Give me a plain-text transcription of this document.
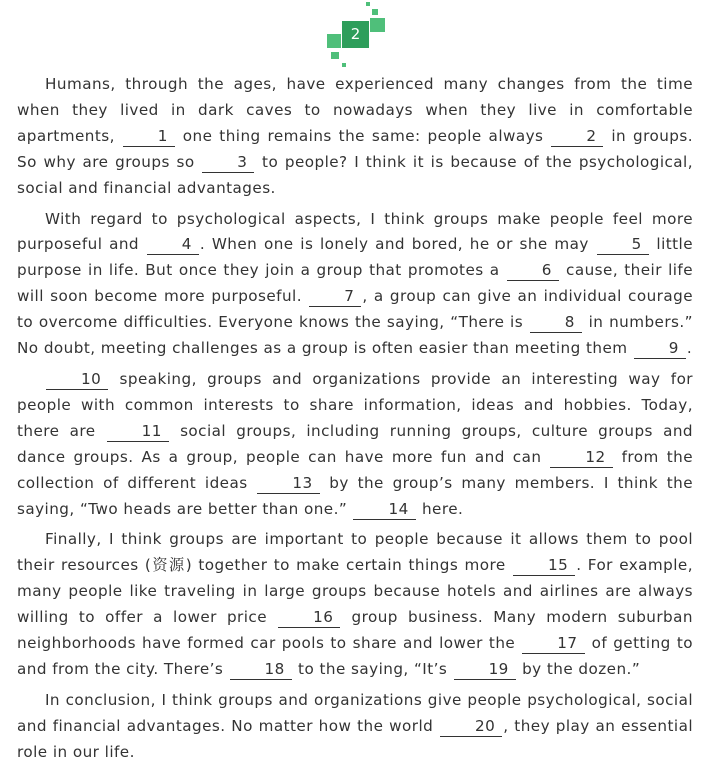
2

Humans, through the ages, have experienced many changes from the time when they lived in dark caves to nowadays when they live in comfortable apartments, 1 one thing remains the same: people always 2 in groups. So why are groups so 3 to people? I think it is because of the psychological, social and financial advantages.

With regard to psychological aspects, I think groups make people feel more purposeful and 4 . When one is lonely and bored, he or she may 5 little purpose in life. But once they join a group that promotes a 6 cause, their life will soon become more purposeful. 7 , a group can give an individual courage to overcome difficulties. Everyone knows the saying, “There is 8 in numbers.” No doubt, meeting challenges as a group is often easier than meeting them 9 .

10 speaking, groups and organizations provide an interesting way for people with common interests to share information, ideas and hobbies. Today, there are 11 social groups, including running groups, culture groups and dance groups. As a group, people can have more fun and can 12 from the collection of different ideas 13 by the group’s many members. I think the saying, “Two heads are better than one.” 14 here.

Finally, I think groups are important to people because it allows them to pool their resources (资源) together to make certain things more 15 . For example, many people like traveling in large groups because hotels and airlines are always willing to offer a lower price 16 group business. Many modern suburban neighborhoods have formed car pools to share and lower the 17 of getting to and from the city. There’s 18 to the saying, “It’s 19 by the dozen.”

In conclusion, I think groups and organizations give people psychological, social and financial advantages. No matter how the world 20 , they play an essential role in our life.
